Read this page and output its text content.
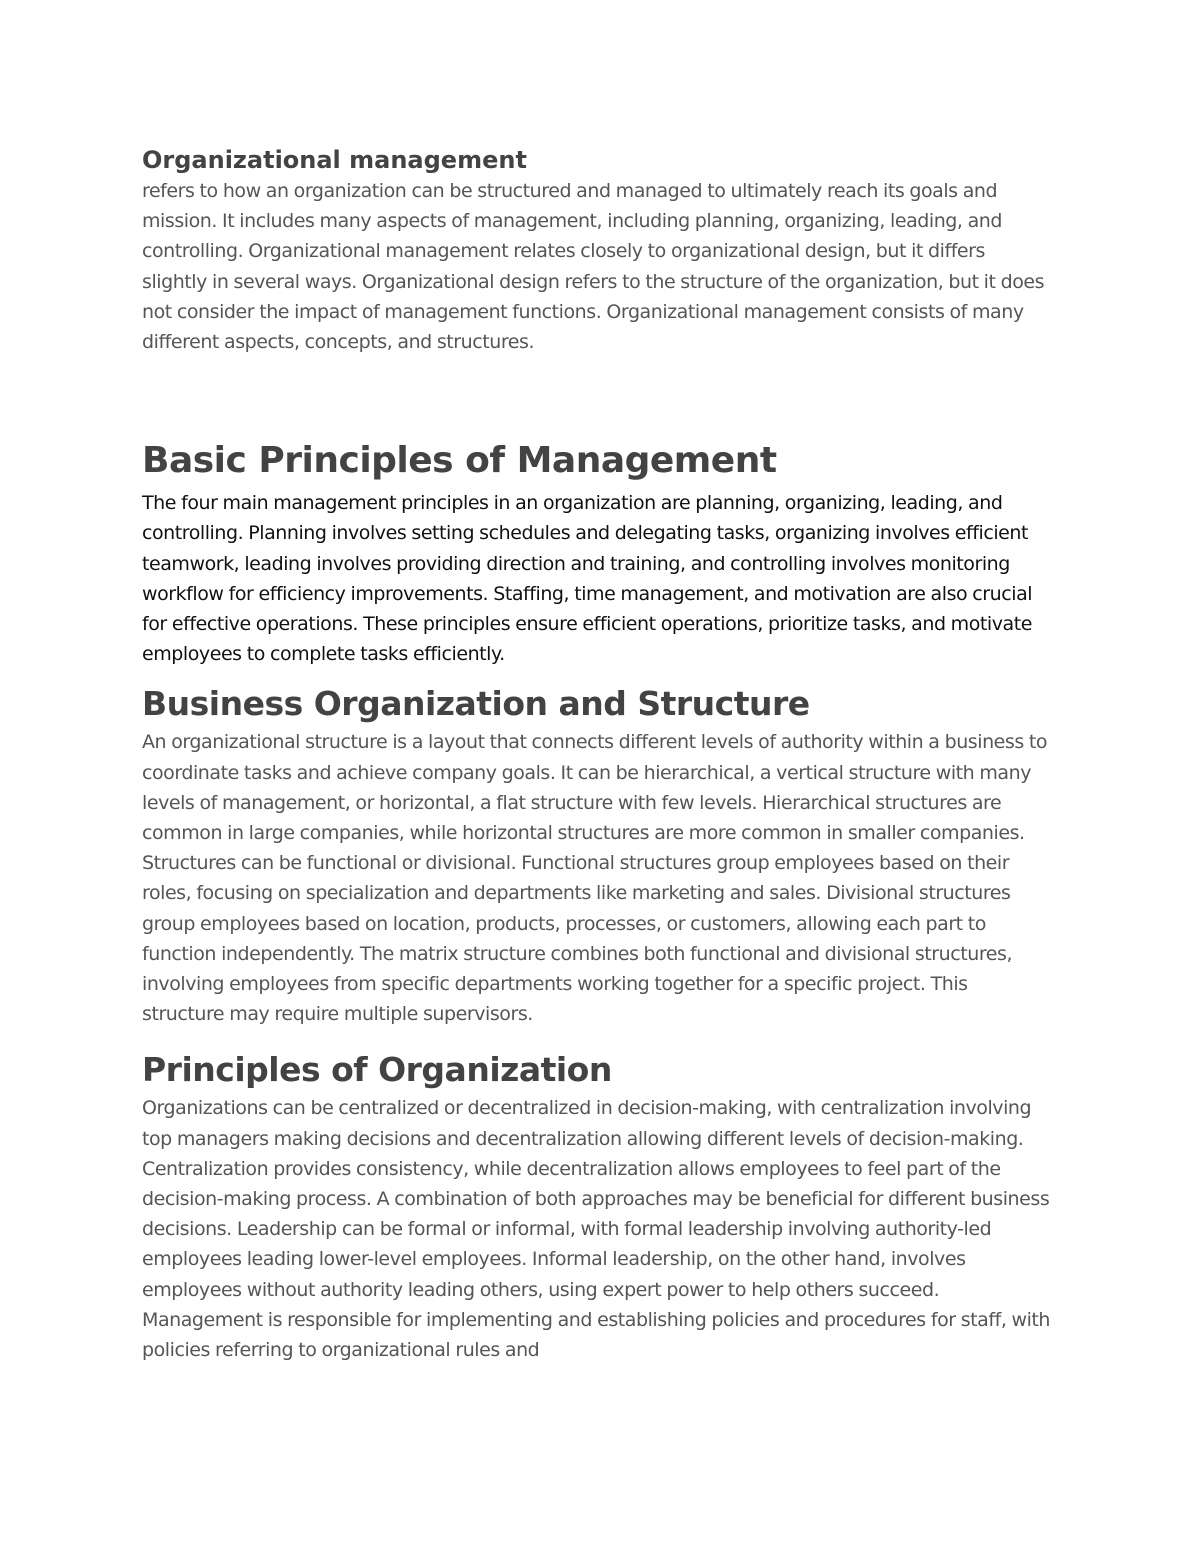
Organizational management

refers to how an organization can be structured and managed to ultimately reach its goals and mission. It includes many aspects of management, including planning, organizing, leading, and controlling. Organizational management relates closely to organizational design, but it differs slightly in several ways. Organizational design refers to the structure of the organization, but it does not consider the impact of management functions. Organizational management consists of many different aspects, concepts, and structures.

Basic Principles of Management

The four main management principles in an organization are planning, organizing, leading, and controlling. Planning involves setting schedules and delegating tasks, organizing involves efficient teamwork, leading involves providing direction and training, and controlling involves monitoring workflow for efficiency improvements. Staffing, time management, and motivation are also crucial for effective operations. These principles ensure efficient operations, prioritize tasks, and motivate employees to complete tasks efficiently.

Business Organization and Structure

An organizational structure is a layout that connects different levels of authority within a business to coordinate tasks and achieve company goals. It can be hierarchical, a vertical structure with many levels of management, or horizontal, a flat structure with few levels. Hierarchical structures are common in large companies, while horizontal structures are more common in smaller companies. Structures can be functional or divisional. Functional structures group employees based on their roles, focusing on specialization and departments like marketing and sales. Divisional structures group employees based on location, products, processes, or customers, allowing each part to function independently. The matrix structure combines both functional and divisional structures, involving employees from specific departments working together for a specific project. This structure may require multiple supervisors.

Principles of Organization

Organizations can be centralized or decentralized in decision-making, with centralization involving top managers making decisions and decentralization allowing different levels of decision-making. Centralization provides consistency, while decentralization allows employees to feel part of the decision-making process. A combination of both approaches may be beneficial for different business decisions. Leadership can be formal or informal, with formal leadership involving authority-led employees leading lower-level employees. Informal leadership, on the other hand, involves employees without authority leading others, using expert power to help others succeed. Management is responsible for implementing and establishing policies and procedures for staff, with policies referring to organizational rules and
